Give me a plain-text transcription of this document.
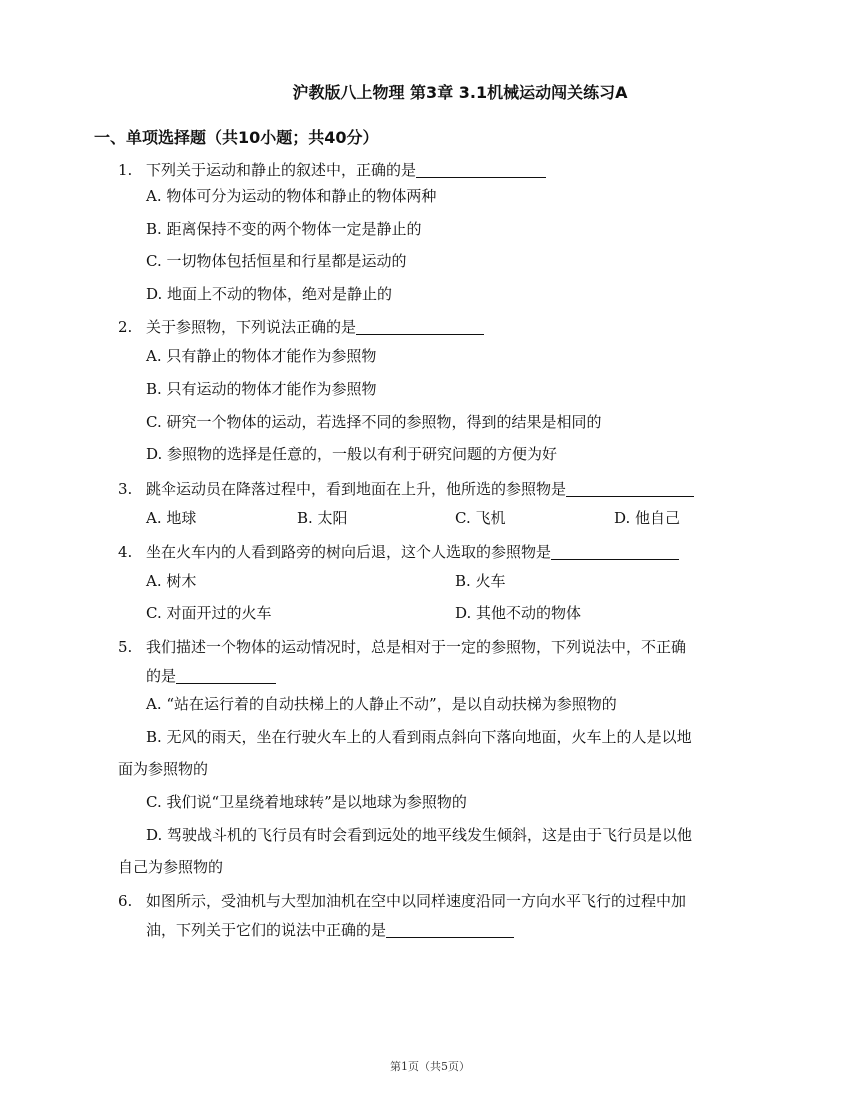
沪教版八上物理 第3章 3.1机械运动闯关练习A
一、单项选择题（共10小题；共40分）
1. 下列关于运动和静止的叙述中，正确的是
A. 物体可分为运动的物体和静止的物体两种
B. 距离保持不变的两个物体一定是静止的
C. 一切物体包括恒星和行星都是运动的
D. 地面上不动的物体，绝对是静止的
2. 关于参照物，下列说法正确的是
A. 只有静止的物体才能作为参照物
B. 只有运动的物体才能作为参照物
C. 研究一个物体的运动，若选择不同的参照物，得到的结果是相同的
D. 参照物的选择是任意的，一般以有利于研究问题的方便为好
3. 跳伞运动员在降落过程中，看到地面在上升，他所选的参照物是
A. 地球	B. 太阳	C. 飞机	D. 他自己
4. 坐在火车内的人看到路旁的树向后退，这个人选取的参照物是
A. 树木	B. 火车
C. 对面开过的火车	D. 其他不动的物体
5. 我们描述一个物体的运动情况时，总是相对于一定的参照物，下列说法中，不正确
的是
A. “站在运行着的自动扶梯上的人静止不动”，是以自动扶梯为参照物的
B. 无风的雨天，坐在行驶火车上的人看到雨点斜向下落向地面，火车上的人是以地
面为参照物的
C. 我们说“卫星绕着地球转”是以地球为参照物的
D. 驾驶战斗机的飞行员有时会看到远处的地平线发生倾斜，这是由于飞行员是以他
自己为参照物的
6. 如图所示，受油机与大型加油机在空中以同样速度沿同一方向水平飞行的过程中加
油，下列关于它们的说法中正确的是
第1页（共5页）
